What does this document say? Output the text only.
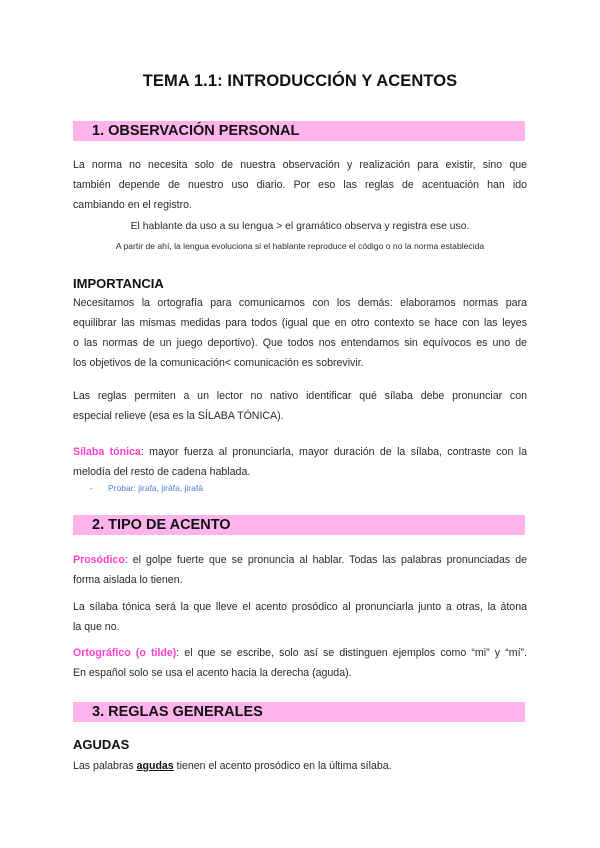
TEMA 1.1: INTRODUCCIÓN Y ACENTOS
1. OBSERVACIÓN PERSONAL
La norma no necesita solo de nuestra observación y realización para existir, sino que
también depende de nuestro uso diario. Por eso las reglas de acentuación han ido
cambiando en el registro.
El hablante da uso a su lengua > el gramático observa y registra ese uso.
A partir de ahí, la lengua evoluciona si el hablante reproduce el código o no la norma establecida
IMPORTANCIA
Necesitamos la ortografía para comunicarnos con los demás: elaboramos normas para
equilibrar las mismas medidas para todos (igual que en otro contexto se hace con las leyes
o las normas de un juego deportivo). Que todos nos entendamos sin equívocos es uno de
los objetivos de la comunicación< comunicación es sobrevivir.
Las reglas permiten a un lector no nativo identificar qué sílaba debe pronunciar con
especial relieve (esa es la SÍLABA TÓNICA).
Sílaba tónica: mayor fuerza al pronunciarla, mayor duración de la sílaba, contraste con la
melodía del resto de cadena hablada.
- Probar: jirafa, jiráfa, jirafá
2. TIPO DE ACENTO
Prosódico: el golpe fuerte que se pronuncia al hablar. Todas las palabras pronunciadas de
forma aislada lo tienen.
La sílaba tónica será la que lleve el acento prosódico al pronunciarla junto a otras, la átona
la que no.
Ortográfico (o tilde): el que se escribe, solo así se distinguen ejemplos como “mi” y “mí”.
En español solo se usa el acento hacia la derecha (aguda).
3. REGLAS GENERALES
AGUDAS
Las palabras agudas tienen el acento prosódico en la última sílaba.
